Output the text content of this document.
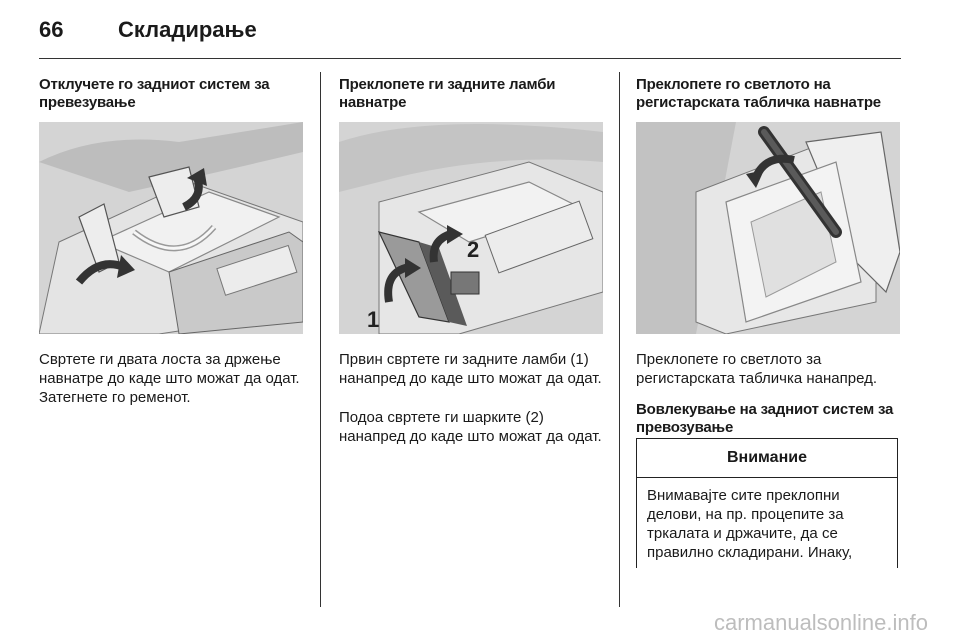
66 Складирање
Отклучете го задниот систем за превезување
Свртете ги двата лоста за држење навнатре до каде што можат да одат. Затегнете го ременот.
Преклопете ги задните ламби навнатре
1
2
Првин свртете ги задните ламби (1) нанапред до каде што можат да одат.
Подоа свртете ги шарките (2) нанапред до каде што можат да одат.
Преклопете го светлото на регистарската табличка навнатре
Преклопете го светлото за регистарската табличка нанапред.
Вовлекување на задниот систем за превозување
Внимание
Внимавајте сите преклопни делови, на пр. процепите за тркалата и држачите, да се правилно складирани. Инаку,
carmanualsonline.info
